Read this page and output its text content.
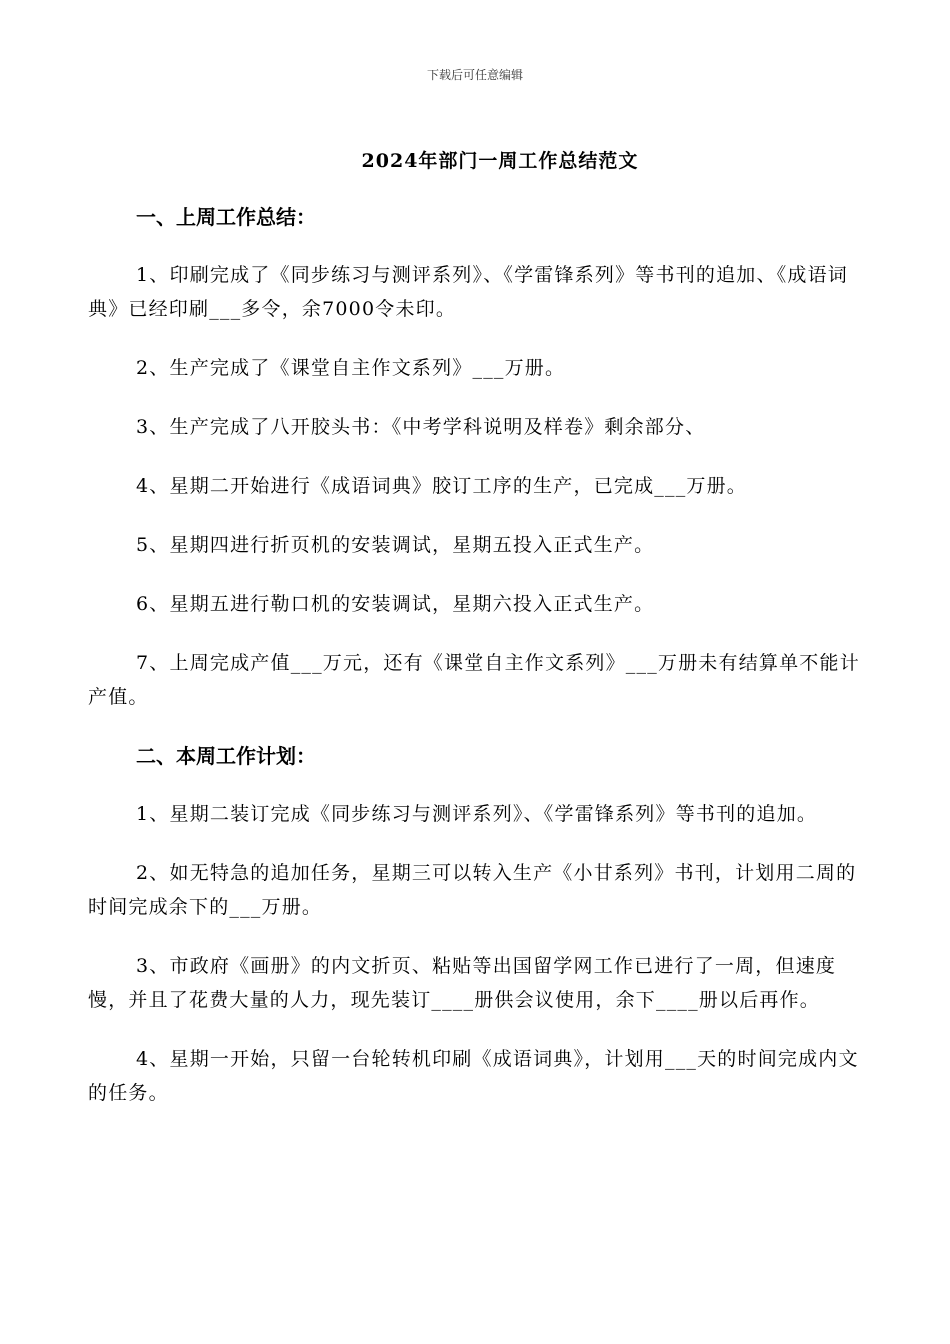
下载后可任意编辑
2024年部门一周工作总结范文

一、上周工作总结：

1、印刷完成了《同步练习与测评系列》、《学雷锋系列》等书刊的追加、《成语词典》已经印刷___多令，余7000令未印。

2、生产完成了《课堂自主作文系列》___万册。

3、生产完成了八开胶头书：《中考学科说明及样卷》剩余部分、

4、星期二开始进行《成语词典》胶订工序的生产，已完成___万册。

5、星期四进行折页机的安装调试，星期五投入正式生产。

6、星期五进行勒口机的安装调试，星期六投入正式生产。

7、上周完成产值___万元，还有《课堂自主作文系列》___万册未有结算单不能计产值。

二、本周工作计划：

1、星期二装订完成《同步练习与测评系列》、《学雷锋系列》等书刊的追加。

2、如无特急的追加任务，星期三可以转入生产《小甘系列》书刊，计划用二周的时间完成余下的___万册。

3、市政府《画册》的内文折页、粘贴等出国留学网工作已进行了一周，但速度慢，并且了花费大量的人力，现先装订____册供会议使用，余下____册以后再作。

4、星期一开始，只留一台轮转机印刷《成语词典》，计划用___天的时间完成内文的任务。
